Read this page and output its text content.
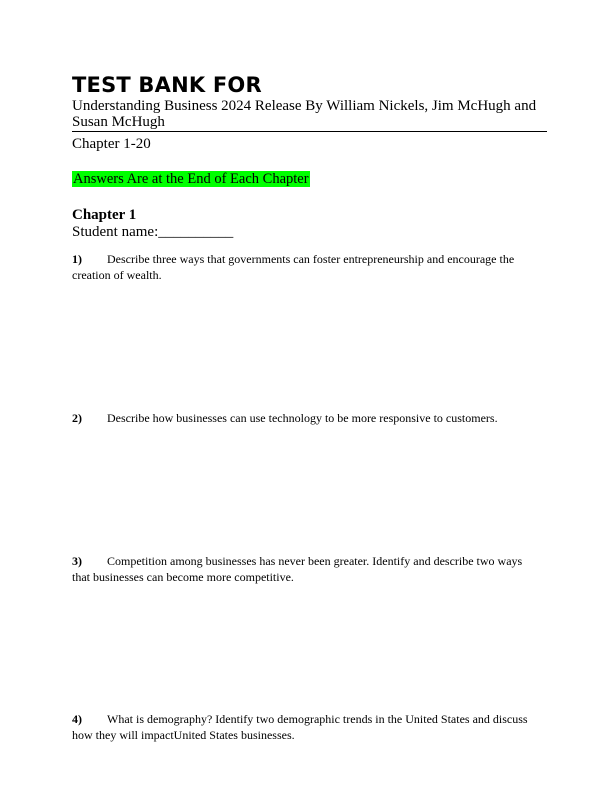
TEST BANK FOR
Understanding Business 2024 Release By William Nickels, Jim McHugh and Susan McHugh
Chapter 1-20
Answers Are at the End of Each Chapter
Chapter 1
Student name:__________
1) Describe three ways that governments can foster entrepreneurship and encourage the creation of wealth.
2) Describe how businesses can use technology to be more responsive to customers.
3) Competition among businesses has never been greater. Identify and describe two ways that businesses can become more competitive.
4) What is demography? Identify two demographic trends in the United States and discuss how they will impactUnited States businesses.
